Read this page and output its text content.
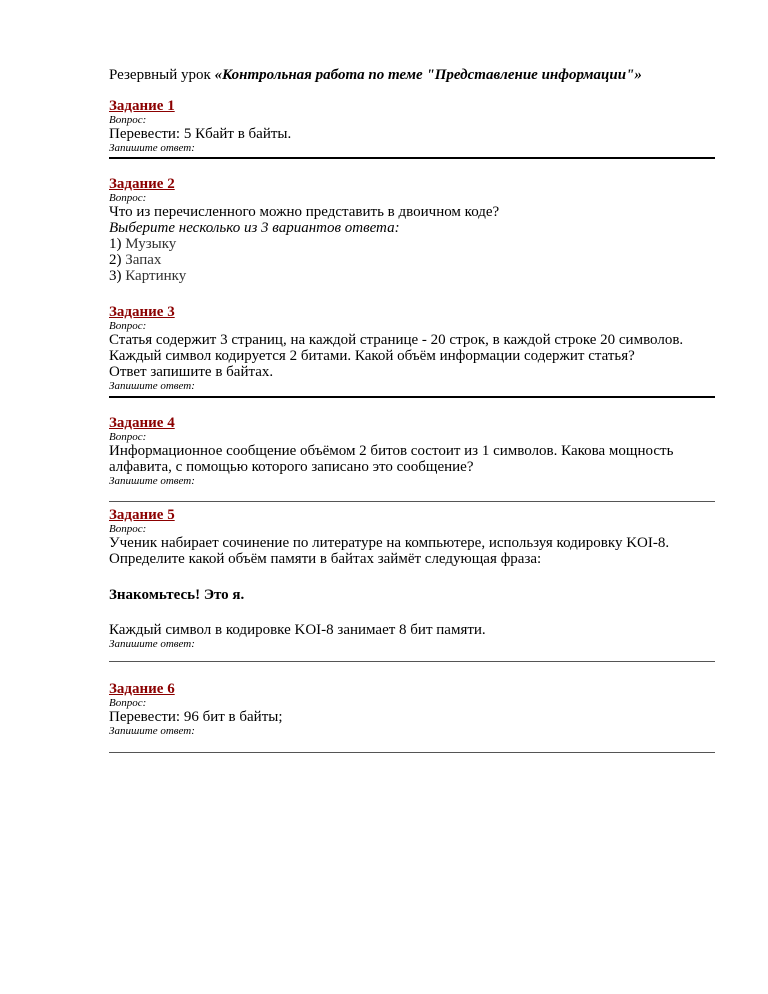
Резервный урок «Контрольная работа по теме "Представление информации"»
Задание 1
Вопрос:
Перевести: 5 Кбайт в байты.
Запишите ответ:
Задание 2
Вопрос:
Что из перечисленного можно представить в двоичном коде?
Выберите несколько из 3 вариантов ответа:
1) Музыку
2) Запах
3) Картинку
Задание 3
Вопрос:
Статья содержит 3 страниц, на каждой странице - 20 строк, в каждой строке 20 символов.
Каждый символ кодируется 2 битами. Какой объём информации содержит статья?
Ответ запишите в байтах.
Запишите ответ:
Задание 4
Вопрос:
Информационное сообщение объёмом 2 битов состоит из 1 символов. Какова мощность
алфавита, с помощью которого записано это сообщение?
Запишите ответ:
Задание 5
Вопрос:
Ученик набирает сочинение по литературе на компьютере, используя кодировку KOI-8.
Определите какой объём памяти в байтах займёт следующая фраза:
Знакомьтесь! Это я.
Каждый символ в кодировке KOI-8 занимает 8 бит памяти.
Запишите ответ:
Задание 6
Вопрос:
Перевести: 96 бит в байты;
Запишите ответ:
